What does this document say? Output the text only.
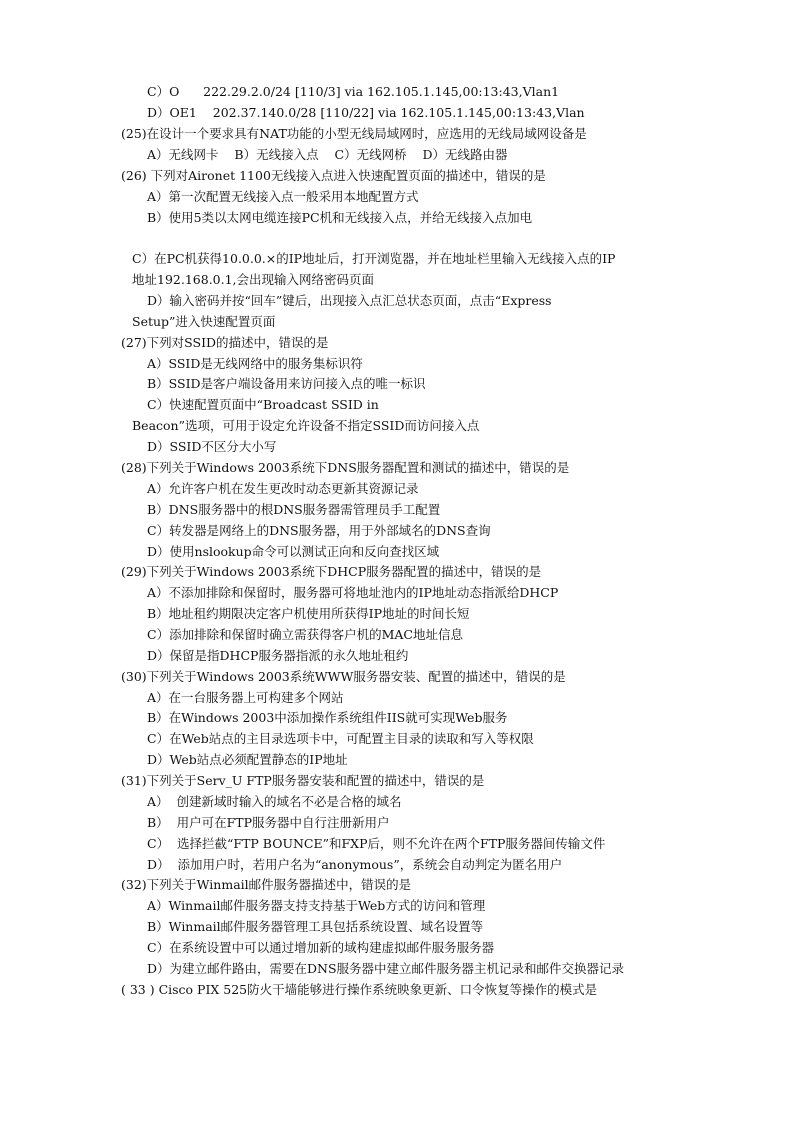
C）O      222.29.2.0/24 [110/3] via 162.105.1.145,00:13:43,Vlan1
D）OE1    202.37.140.0/28 [110/22] via 162.105.1.145,00:13:43,Vlan
(25)在设计一个要求具有NAT功能的小型无线局域网时，应选用的无线局域网设备是
A）无线网卡    B）无线接入点    C）无线网桥    D）无线路由器
(26) 下列对Aironet 1100无线接入点进入快速配置页面的描述中，错误的是
A）第一次配置无线接入点一般采用本地配置方式
B）使用5类以太网电缆连接PC机和无线接入点，并给无线接入点加电
C）在PC机获得10.0.0.×的IP地址后，打开浏览器，并在地址栏里输入无线接入点的IP
地址192.168.0.1,会出现输入网络密码页面
D）输入密码并按“回车”键后，出现接入点汇总状态页面，点击“Express
Setup”进入快速配置页面
(27)下列对SSID的描述中，错误的是
A）SSID是无线网络中的服务集标识符
B）SSID是客户端设备用来访问接入点的唯一标识
C）快速配置页面中“Broadcast SSID in
Beacon”选项，可用于设定允许设备不指定SSID而访问接入点
D）SSID不区分大小写
(28)下列关于Windows 2003系统下DNS服务器配置和测试的描述中，错误的是
A）允许客户机在发生更改时动态更新其资源记录
B）DNS服务器中的根DNS服务器需管理员手工配置
C）转发器是网络上的DNS服务器，用于外部域名的DNS查询
D）使用nslookup命令可以测试正向和反向查找区域
(29)下列关于Windows 2003系统下DHCP服务器配置的描述中，错误的是
A）不添加排除和保留时，服务器可将地址池内的IP地址动态指派给DHCP
B）地址租约期限决定客户机使用所获得IP地址的时间长短
C）添加排除和保留时确立需获得客户机的MAC地址信息
D）保留是指DHCP服务器指派的永久地址租约
(30)下列关于Windows 2003系统WWW服务器安装、配置的描述中，错误的是
A）在一台服务器上可构建多个网站
B）在Windows 2003中添加操作系统组件IIS就可实现Web服务
C）在Web站点的主目录选项卡中，可配置主目录的读取和写入等权限
D）Web站点必须配置静态的IP地址
(31)下列关于Serv_U FTP服务器安装和配置的描述中，错误的是
A）  创建新域时输入的域名不必是合格的域名
B）  用户可在FTP服务器中自行注册新用户
C）  选择拦截“FTP BOUNCE”和FXP后，则不允许在两个FTP服务器间传输文件
D）  添加用户时，若用户名为“anonymous”，系统会自动判定为匿名用户
(32)下列关于Winmail邮件服务器描述中，错误的是
A）Winmail邮件服务器支持支持基于Web方式的访问和管理
B）Winmail邮件服务器管理工具包括系统设置、域名设置等
C）在系统设置中可以通过增加新的域构建虚拟邮件服务服务器
D）为建立邮件路由，需要在DNS服务器中建立邮件服务器主机记录和邮件交换器记录
( 33 ) Cisco PIX 525防火干墙能够进行操作系统映象更新、口令恢复等操作的模式是
